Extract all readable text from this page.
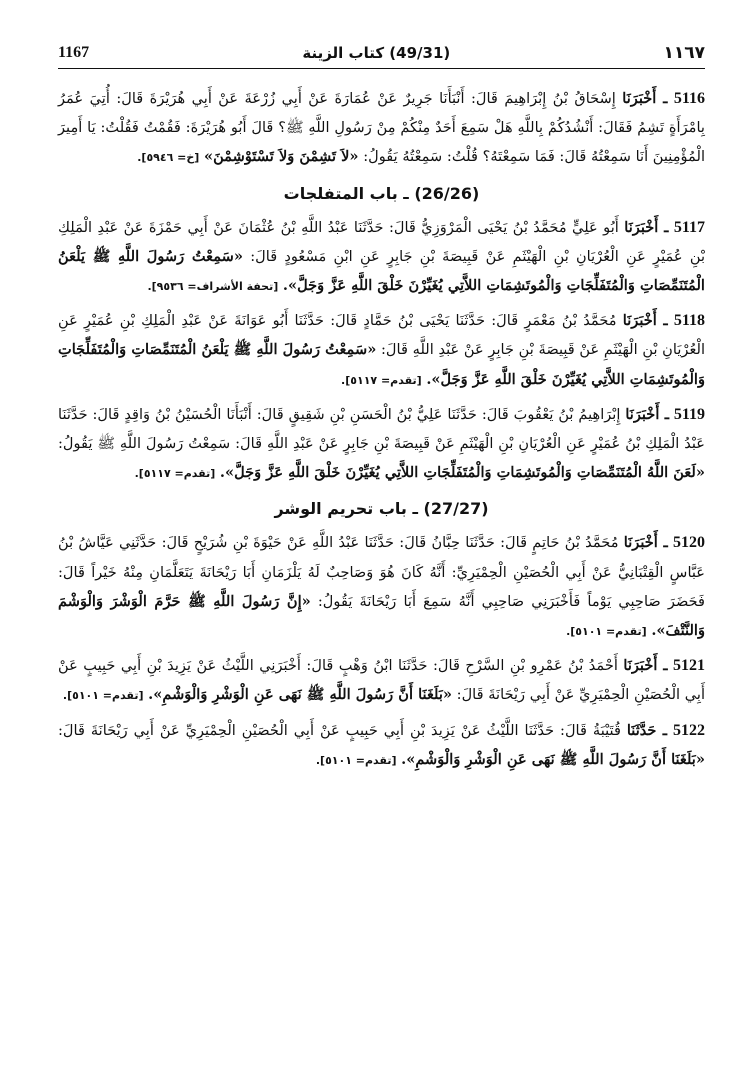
1167	(49/31) كتاب الزينة	١١٦٧

5116 ـ أَخْبَرَنَا إِسْحَاقُ بْنُ إِبْرَاهِيمَ قَالَ: أَنْبَأَنَا جَرِيرٌ عَنْ عُمَارَةَ عَنْ أَبِي زُرْعَةَ عَنْ أَبِي هُرَيْرَةَ قَالَ: أُتِيَ عُمَرُ بِامْرَأَةٍ تَشِمُ فَقَالَ: أَنْشُدُكُمْ بِاللَّهِ هَلْ سَمِعَ أَحَدٌ مِنْكُمْ مِنْ رَسُولِ اللَّهِ ﷺ؟ قَالَ أَبُو هُرَيْرَةَ: فَقُمْتُ فَقُلْتُ: يَا أَمِيرَ الْمُؤْمِنِينَ أَنَا سَمِعْتُهُ قَالَ: فَمَا سَمِعْتَهُ؟ قُلْتُ: سَمِعْتُهُ يَقُولُ: «لاَ تَشِمْنَ وَلاَ تَسْتَوْشِمْنَ» [خ= ٥٩٤٦].

(26/26) ـ باب المتفلجات

5117 ـ أَخْبَرَنَا أَبُو عَلِيٍّ مُحَمَّدُ بْنُ يَحْيَى الْمَرْوَزِيُّ قَالَ: حَدَّثَنَا عَبْدُ اللَّهِ بْنُ عُثْمَانَ عَنْ أَبِي حَمْزَةَ عَنْ عَبْدِ الْمَلِكِ بْنِ عُمَيْرٍ عَنِ الْعُرْيَانِ بْنِ الْهَيْثَمِ عَنْ قَبِيصَةَ بْنِ جَابِرٍ عَنِ ابْنِ مَسْعُودٍ قَالَ: «سَمِعْتُ رَسُولَ اللَّهِ ﷺ يَلْعَنُ الْمُتَنَمِّصَاتِ وَالْمُتَفَلِّجَاتِ وَالْمُوتَشِمَاتِ اللاَّتِي يُغَيِّرْنَ خَلْقَ اللَّهِ عَزَّ وَجَلَّ». [تحفة الأشراف= ٩٥٣٦].

5118 ـ أَخْبَرَنَا مُحَمَّدُ بْنُ مَعْمَرٍ قَالَ: حَدَّثَنَا يَحْيَى بْنُ حَمَّادٍ قَالَ: حَدَّثَنَا أَبُو عَوَانَةَ عَنْ عَبْدِ الْمَلِكِ بْنِ عُمَيْرٍ عَنِ الْعُرْيَانِ بْنِ الْهَيْثَمِ عَنْ قَبِيصَةَ بْنِ جَابِرٍ عَنْ عَبْدِ اللَّهِ قَالَ: «سَمِعْتُ رَسُولَ اللَّهِ ﷺ يَلْعَنُ الْمُتَنَمِّصَاتِ وَالْمُتَفَلِّجَاتِ وَالْمُوتَشِمَاتِ اللاَّتِي يُغَيِّرْنَ خَلْقَ اللَّهِ عَزَّ وَجَلَّ». [تقدم= ٥١١٧].

5119 ـ أَخْبَرَنَا إِبْرَاهِيمُ بْنُ يَعْقُوبَ قَالَ: حَدَّثَنَا عَلِيُّ بْنُ الْحَسَنِ بْنِ شَقِيقٍ قَالَ: أَنْبَأَنَا الْحُسَيْنُ بْنُ وَاقِدٍ قَالَ: حَدَّثَنَا عَبْدُ الْمَلِكِ بْنُ عُمَيْرٍ عَنِ الْعُرْيَانِ بْنِ الْهَيْثَمِ عَنْ قَبِيصَةَ بْنِ جَابِرٍ عَنْ عَبْدِ اللَّهِ قَالَ: سَمِعْتُ رَسُولَ اللَّهِ ﷺ يَقُولُ: «لَعَنَ اللَّهُ الْمُتَنَمِّصَاتِ وَالْمُوتَشِمَاتِ وَالْمُتَفَلِّجَاتِ اللاَّتِي يُغَيِّرْنَ خَلْقَ اللَّهِ عَزَّ وَجَلَّ». [تقدم= ٥١١٧].

(27/27) ـ باب تحريم الوشر

5120 ـ أَخْبَرَنَا مُحَمَّدُ بْنُ حَاتِمٍ قَالَ: حَدَّثَنَا حِبَّانُ قَالَ: حَدَّثَنَا عَبْدُ اللَّهِ عَنْ حَيْوَةَ بْنِ شُرَيْحٍ قَالَ: حَدَّثَنِي عَيَّاشُ بْنُ عَبَّاسٍ الْقِتْبَانِيُّ عَنْ أَبِي الْحُصَيْنِ الْحِمْيَرِيِّ: أَنَّهُ كَانَ هُوَ وَصَاحِبٌ لَهُ يَلْزَمَانِ أَبَا رَيْحَانَةَ يَتَعَلَّمَانِ مِنْهُ خَيْراً قَالَ: فَحَضَرَ صَاحِبِي يَوْماً فَأَخْبَرَنِي صَاحِبِي أَنَّهُ سَمِعَ أَبَا رَيْحَانَةَ يَقُولُ: «إِنَّ رَسُولَ اللَّهِ ﷺ حَرَّمَ الْوَشْرَ وَالْوَشْمَ وَالنَّتْفَ». [تقدم= ٥١٠١].

5121 ـ أَخْبَرَنَا أَحْمَدُ بْنُ عَمْرِو بْنِ السَّرْحِ قَالَ: حَدَّثَنَا ابْنُ وَهْبٍ قَالَ: أَخْبَرَنِي اللَّيْثُ عَنْ يَزِيدَ بْنِ أَبِي حَبِيبٍ عَنْ أَبِي الْحُصَيْنِ الْحِمْيَرِيِّ عَنْ أَبِي رَيْحَانَةَ قَالَ: «بَلَغَنَا أَنَّ رَسُولَ اللَّهِ ﷺ نَهَى عَنِ الْوَشْرِ وَالْوَشْمِ». [تقدم= ٥١٠١].

5122 ـ حَدَّثَنَا قُتَيْبَةُ قَالَ: حَدَّثَنَا اللَّيْثُ عَنْ يَزِيدَ بْنِ أَبِي حَبِيبٍ عَنْ أَبِي الْحُصَيْنِ الْحِمْيَرِيِّ عَنْ أَبِي رَيْحَانَةَ قَالَ: «بَلَغَنَا أَنَّ رَسُولَ اللَّهِ ﷺ نَهَى عَنِ الْوَشْرِ وَالْوَشْمِ». [تقدم= ٥١٠١].
